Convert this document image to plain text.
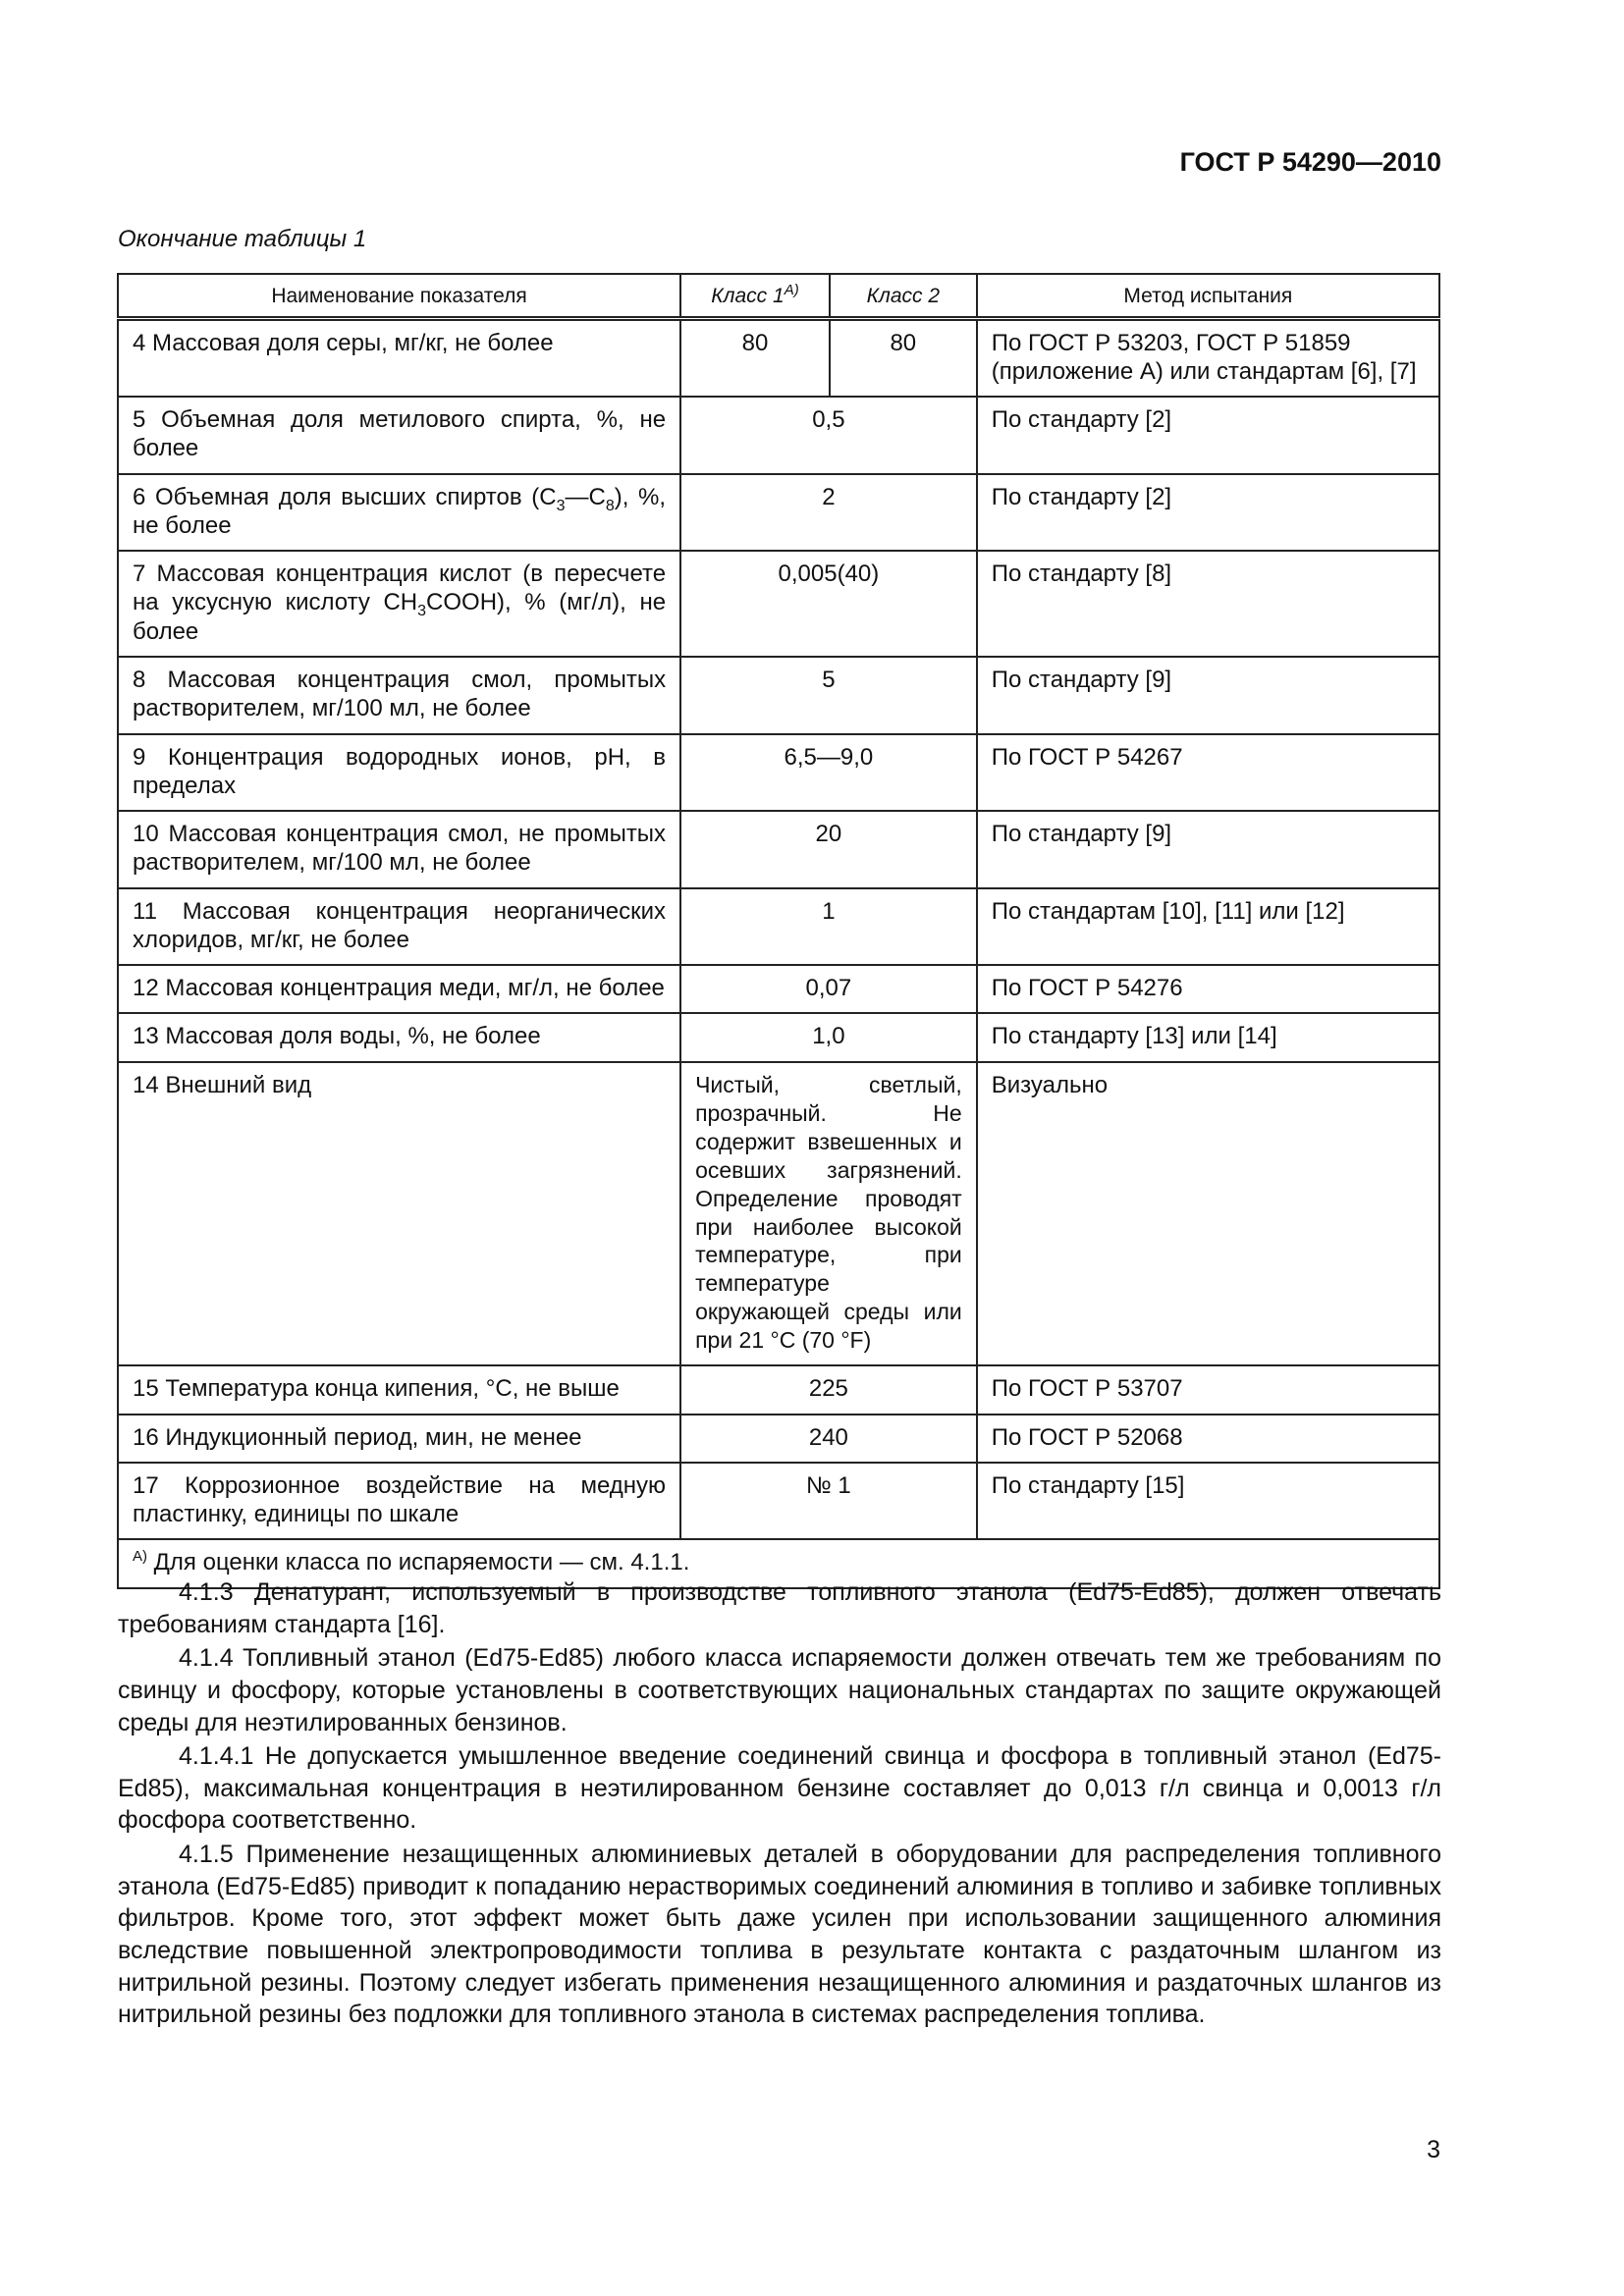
ГОСТ Р 54290—2010
Окончание таблицы 1
Наименование показателя	Класс $1^{А)}$	Класс 2	Метод испытания
4 Массовая доля серы, мг/кг, не более	80	80	По ГОСТ Р 53203, ГОСТ Р 51859 (приложение А) или стандартам [6], [7]
5 Объемная доля метилового спирта, %, не более	0,5		По стандарту [2]
6 Объемная доля высших спиртов $(C_3—C_8)$, %, не более	2		По стандарту [2]
7 Массовая концентрация кислот (в пересчете на уксусную кислоту $CH_3COOH$), % (мг/л), не более	0,005(40)		По стандарту [8]
8 Массовая концентрация смол, промытых растворителем, мг/100 мл, не более	5		По стандарту [9]
9 Концентрация водородных ионов, pH, в пределах	6,5—9,0		По ГОСТ Р 54267
10 Массовая концентрация смол, не промытых растворителем, мг/100 мл, не более	20		По стандарту [9]
11 Массовая концентрация неорганических хлоридов, мг/кг, не более	1		По стандартам [10], [11] или [12]
12 Массовая концентрация меди, мг/л, не более	0,07		По ГОСТ Р 54276
13 Массовая доля воды, %, не более	1,0		По стандарту [13] или [14]
14 Внешний вид	Чистый, светлый, прозрачный. Не содержит взвешенных и осевших загрязнений. Определение проводят при наиболее высокой температуре, при температуре окружающей среды или при 21 °C (70 °F)		Визуально
15 Температура конца кипения, °C, не выше	225		По ГОСТ Р 53707
16 Индукционный период, мин, не менее	240		По ГОСТ Р 52068
17 Коррозионное воздействие на медную пластинку, единицы по шкале	№ 1		По стандарту [15]
$^{А)}$ Для оценки класса по испаряемости — см. 4.1.1.			

4.1.3 Денатурант, используемый в производстве топливного этанола (Ed75-Ed85), должен отвечать требованиям стандарта [16].

4.1.4 Топливный этанол (Ed75-Ed85) любого класса испаряемости должен отвечать тем же требованиям по свинцу и фосфору, которые установлены в соответствующих национальных стандартах по защите окружающей среды для неэтилированных бензинов.

4.1.4.1 Не допускается умышленное введение соединений свинца и фосфора в топливный этанол (Ed75-Ed85), максимальная концентрация в неэтилированном бензине составляет до 0,013 г/л свинца и 0,0013 г/л фосфора соответственно.

4.1.5 Применение незащищенных алюминиевых деталей в оборудовании для распределения топливного этанола (Ed75-Ed85) приводит к попаданию нерастворимых соединений алюминия в топливо и забивке топливных фильтров. Кроме того, этот эффект может быть даже усилен при использовании защищенного алюминия вследствие повышенной электропроводимости топлива в результате контакта с раздаточным шлангом из нитрильной резины. Поэтому следует избегать применения незащищенного алюминия и раздаточных шлангов из нитрильной резины без подложки для топливного этанола в системах распределения топлива.

3
